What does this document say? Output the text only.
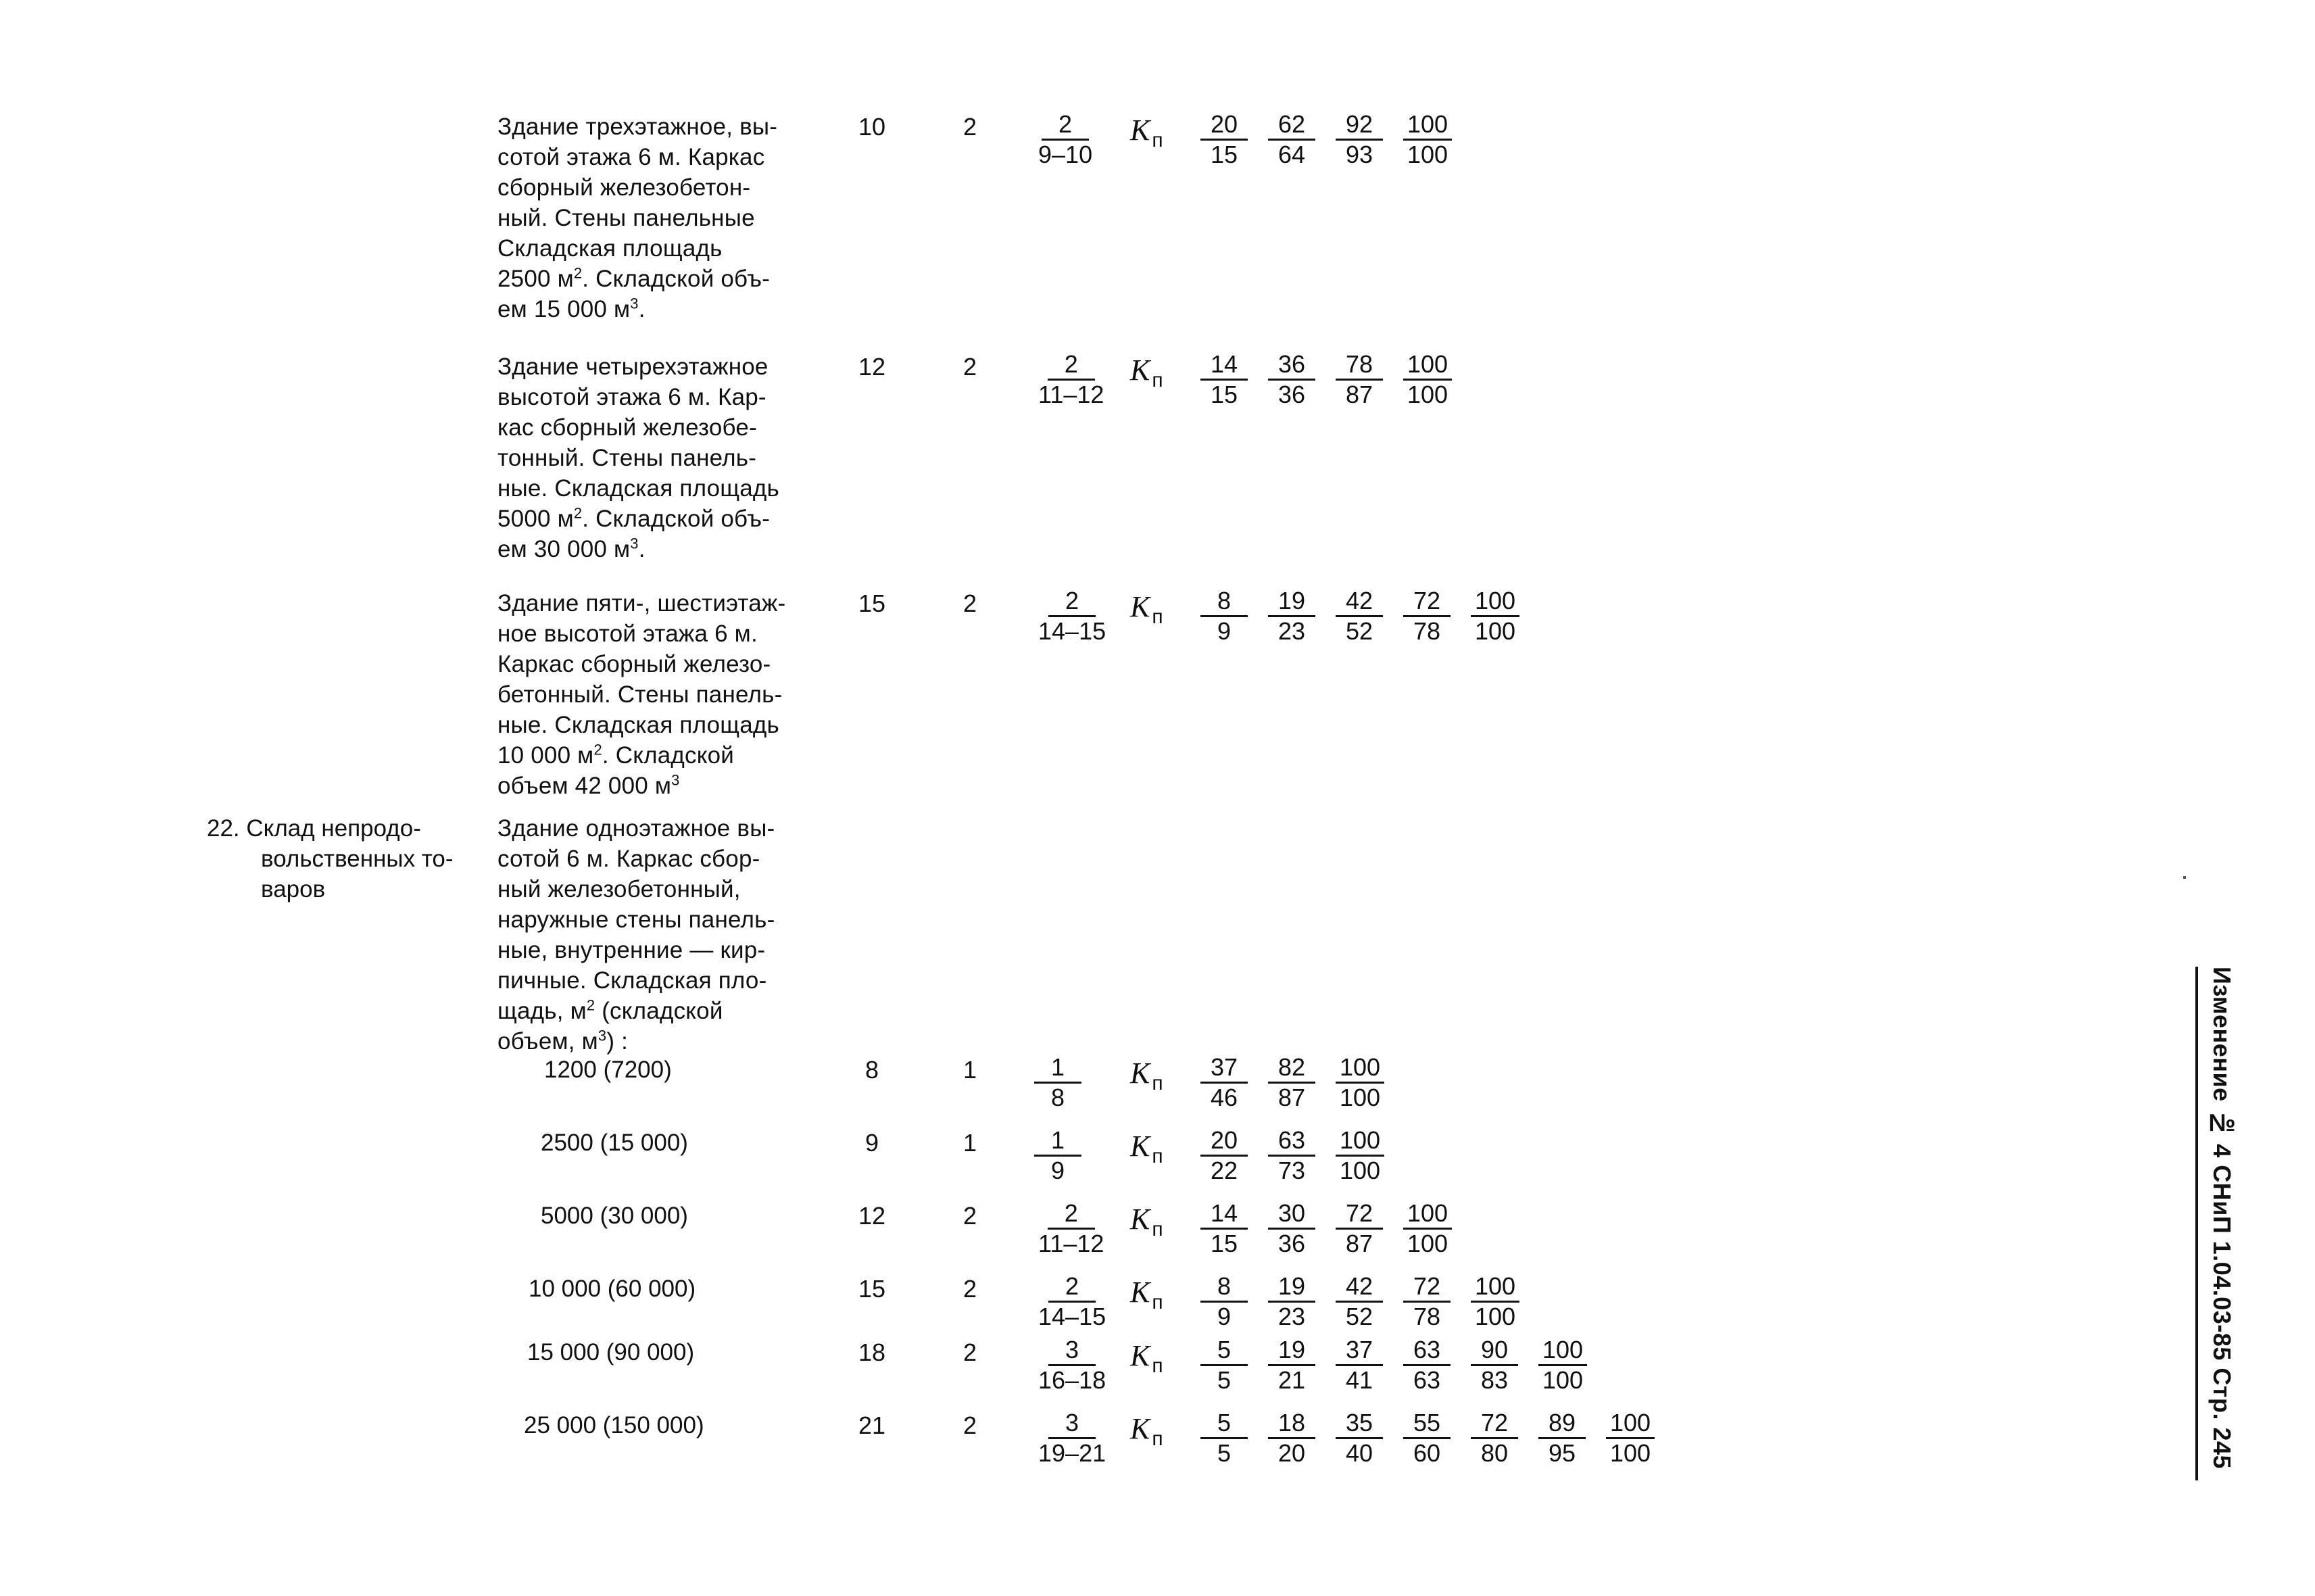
Здание трехэтажное, вы-
сотой этажа 6 м. Каркас
сборный железобетон-
ный. Стены панельные
Складская площадь
2500 $м^2$. Складской объ-
ем 15 000 $м^3$.
10	2	$\frac{2}{9-10}$ K $_п \frac{20}{15} \frac{62}{64} \frac{92}{93} \frac{100}{100}$
Здание четырехэтажное
высотой этажа 6 м. Кар-
кас сборный железобе-
тонный. Стены панель-
ные. Складская площадь
5000 $м^2$. Складской объ-
ем 30 000 $м^3$.
12	2	$\frac{2}{11-12}$ K $_п \frac{14}{15} \frac{36}{36} \frac{78}{87} \frac{100}{100}$
Здание пяти-, шестиэтаж-
ное высотой этажа 6 м.
Каркас сборный железо-
бетонный. Стены панель-
ные. Складская площадь
10 000 $м^2$. Складской
объем 42 000 $м^3$
15	2	$\frac{2}{14-15}$ K $_п \frac{8}{9} \frac{19}{23} \frac{42}{52} \frac{72}{78} \frac{100}{100}$
22. Склад непродо-
вольственных то-
варов
Здание одноэтажное вы-
сотой 6 м. Каркас сбор-
ный железобетонный,
наружные стены панель-
ные, внутренние — кир-
пичные. Складская пло-
щадь, $м^2$ (складской
объем, $м^3$) :
1200 (7200)	8	1	$\frac{1}{8}$ K $_п \frac{37}{46} \frac{82}{87} \frac{100}{100}$
2500 (15 000)	9	1	$\frac{1}{9}$ K $_п \frac{20}{22} \frac{63}{73} \frac{100}{100}$
5000 (30 000)	12	2	$\frac{2}{11-12}$ K $_п \frac{14}{15} \frac{30}{36} \frac{72}{87} \frac{100}{100}$
10 000 (60 000)	15	2	$\frac{2}{14-15}$ K $_п \frac{8}{9} \frac{19}{23} \frac{42}{52} \frac{72}{78} \frac{100}{100}$
15 000 (90 000)	18	2	$\frac{3}{16-18}$ K $_п \frac{5}{5} \frac{19}{21} \frac{37}{41} \frac{63}{63} \frac{90}{83} \frac{100}{100}$
25 000 (150 000)	21	2	$\frac{3}{19-21}$ K $_п \frac{5}{5} \frac{18}{20} \frac{35}{40} \frac{55}{60} \frac{72}{80} \frac{89}{95} \frac{100}{100}$	Изменение № 4 СНиП 1.04.03-85 Стр. 245
